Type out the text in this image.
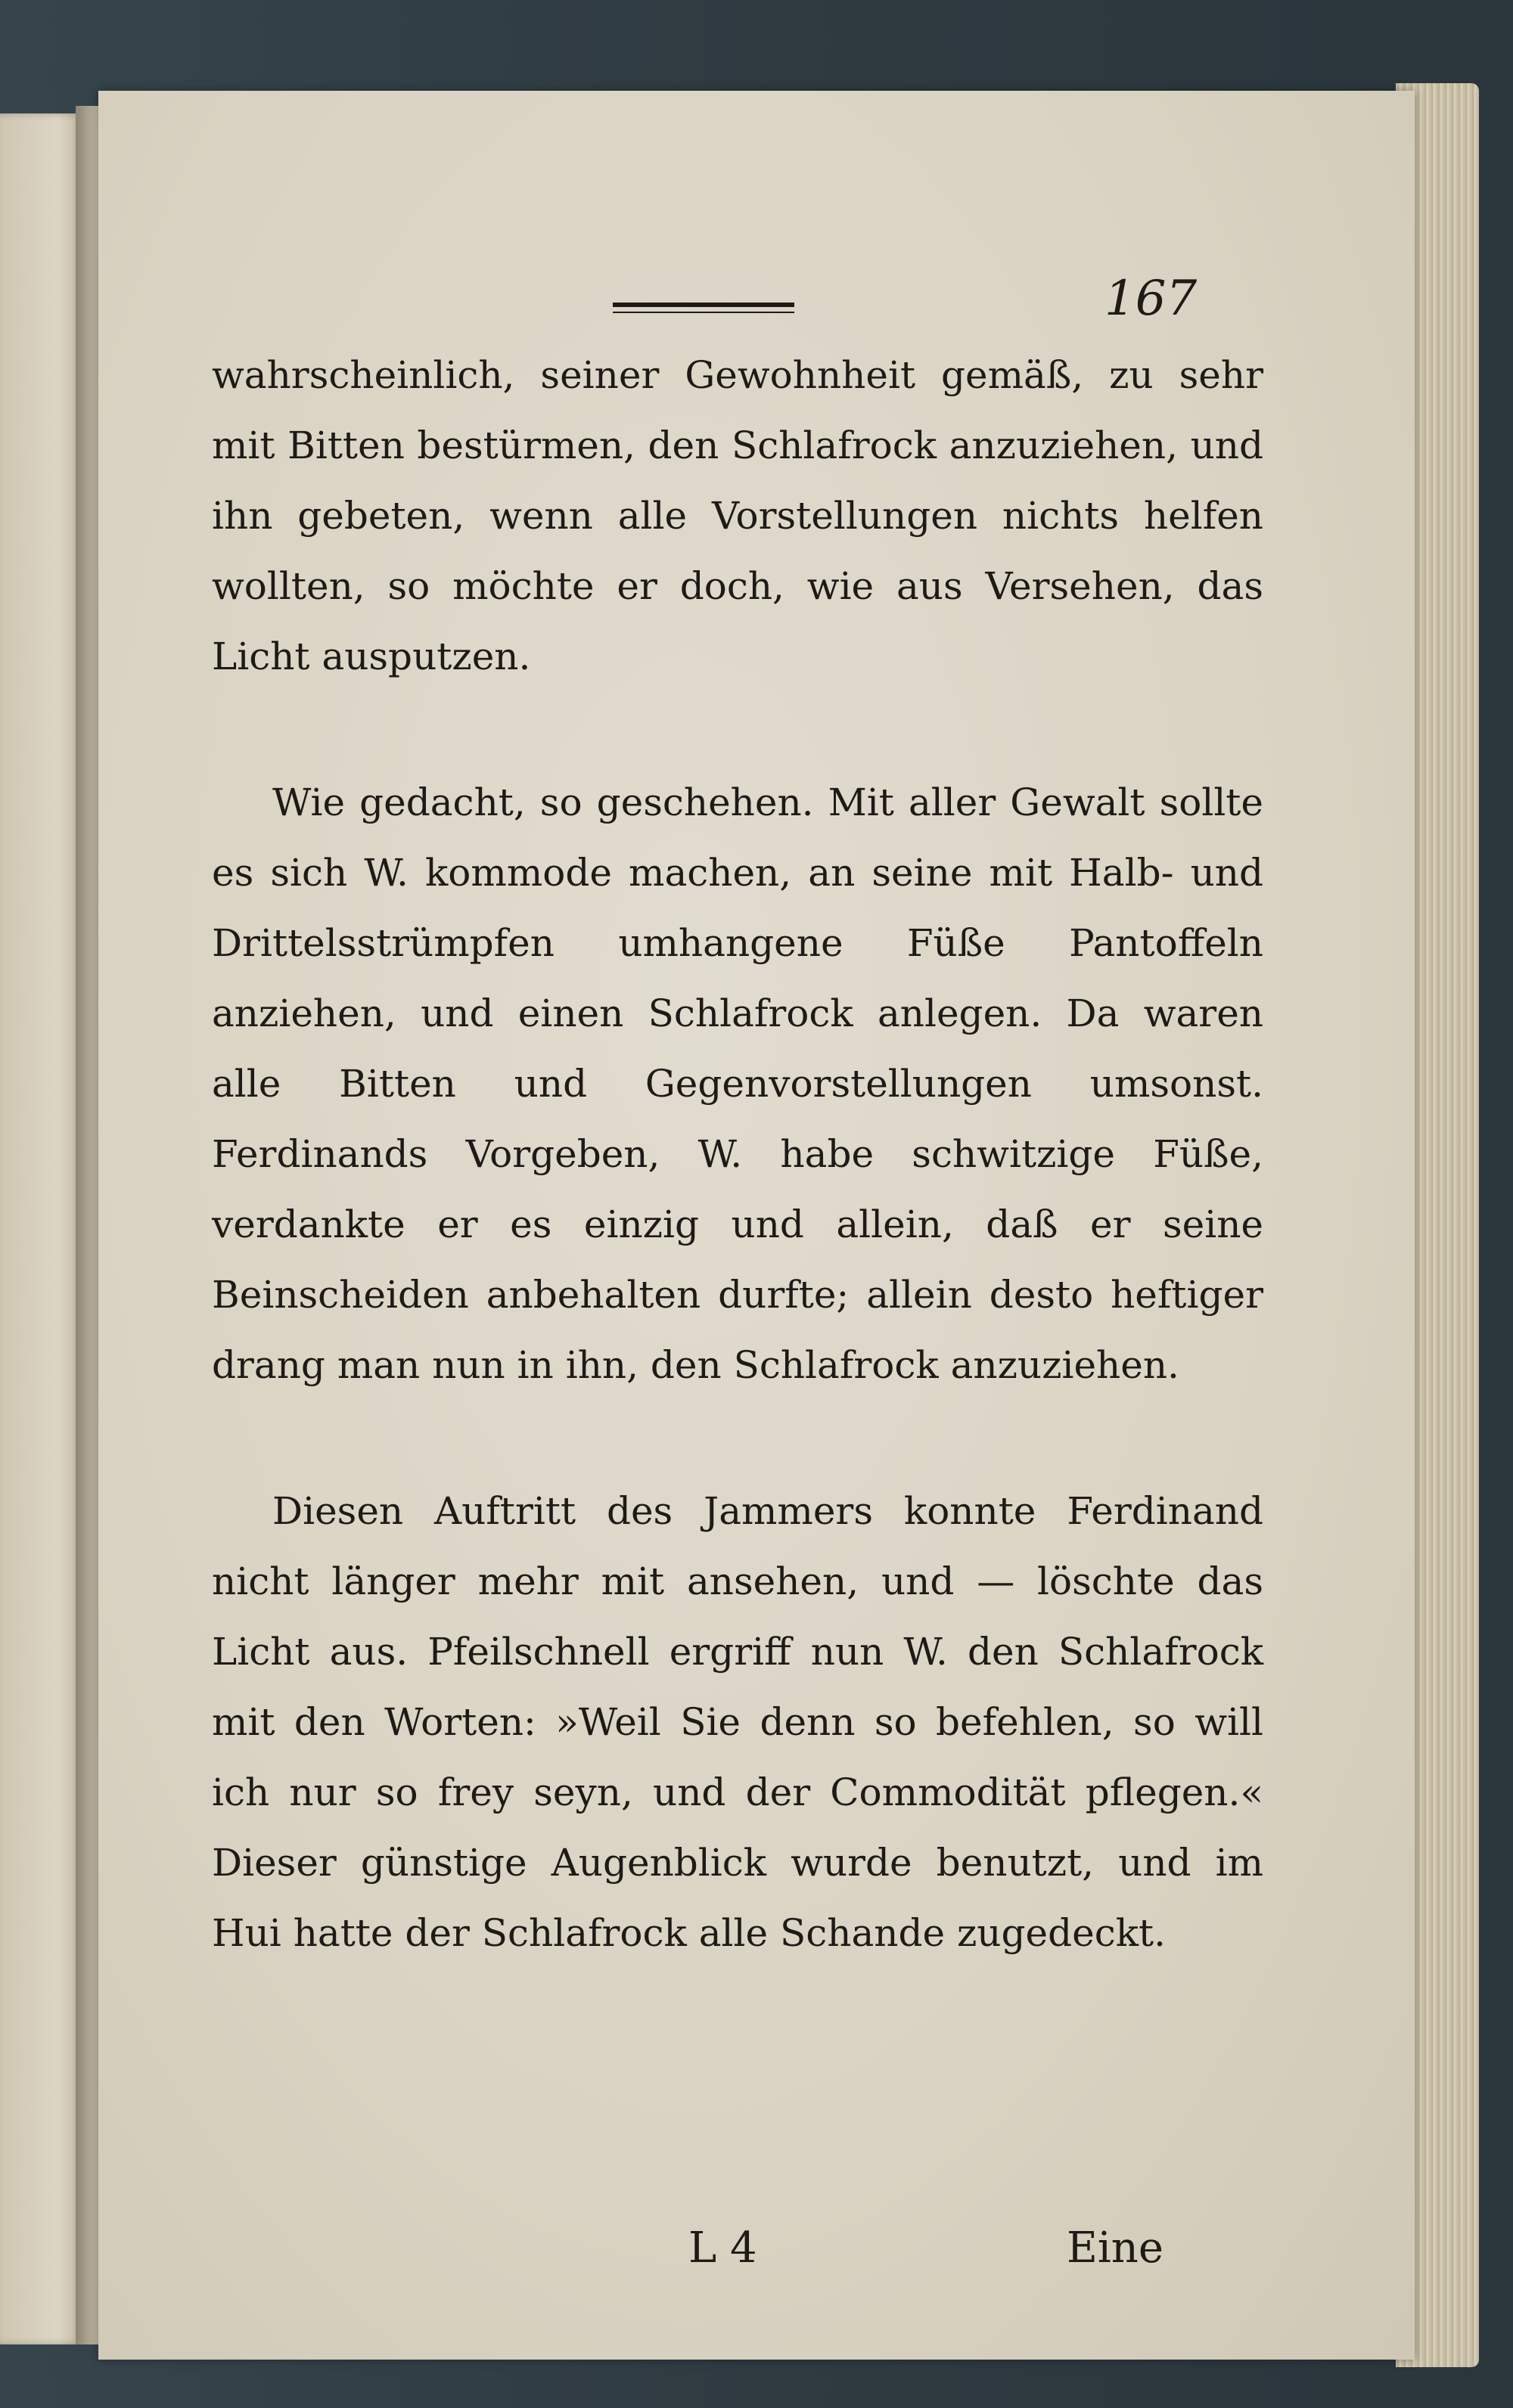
167

wahrscheinlich, seiner Gewohnheit gemäß, zu sehr mit Bitten bestürmen, den Schlafrock anzuziehen, und ihn gebeten, wenn alle Vorstellungen nichts helfen wollten, so möchte er doch, wie aus Versehen, das Licht ausputzen.

Wie gedacht, so geschehen. Mit aller Gewalt sollte es sich W. kommode machen, an seine mit Halb- und Drittelsstrümpfen umhangene Füße Pantoffeln anziehen, und einen Schlafrock anlegen. Da waren alle Bitten und Gegenvorstellungen umsonst. Ferdinands Vorgeben, W. habe schwitzige Füße, verdankte er es einzig und allein, daß er seine Beinscheiden anbehalten durfte; allein desto heftiger drang man nun in ihn, den Schlafrock anzuziehen.

Diesen Auftritt des Jammers konnte Ferdinand nicht länger mehr mit ansehen, und — löschte das Licht aus. Pfeilschnell ergriff nun W. den Schlafrock mit den Worten: »Weil Sie denn so befehlen, so will ich nur so frey seyn, und der Commodität pflegen.« Dieser günstige Augenblick wurde benutzt, und im Hui hatte der Schlafrock alle Schande zugedeckt.

L 4	Eine
